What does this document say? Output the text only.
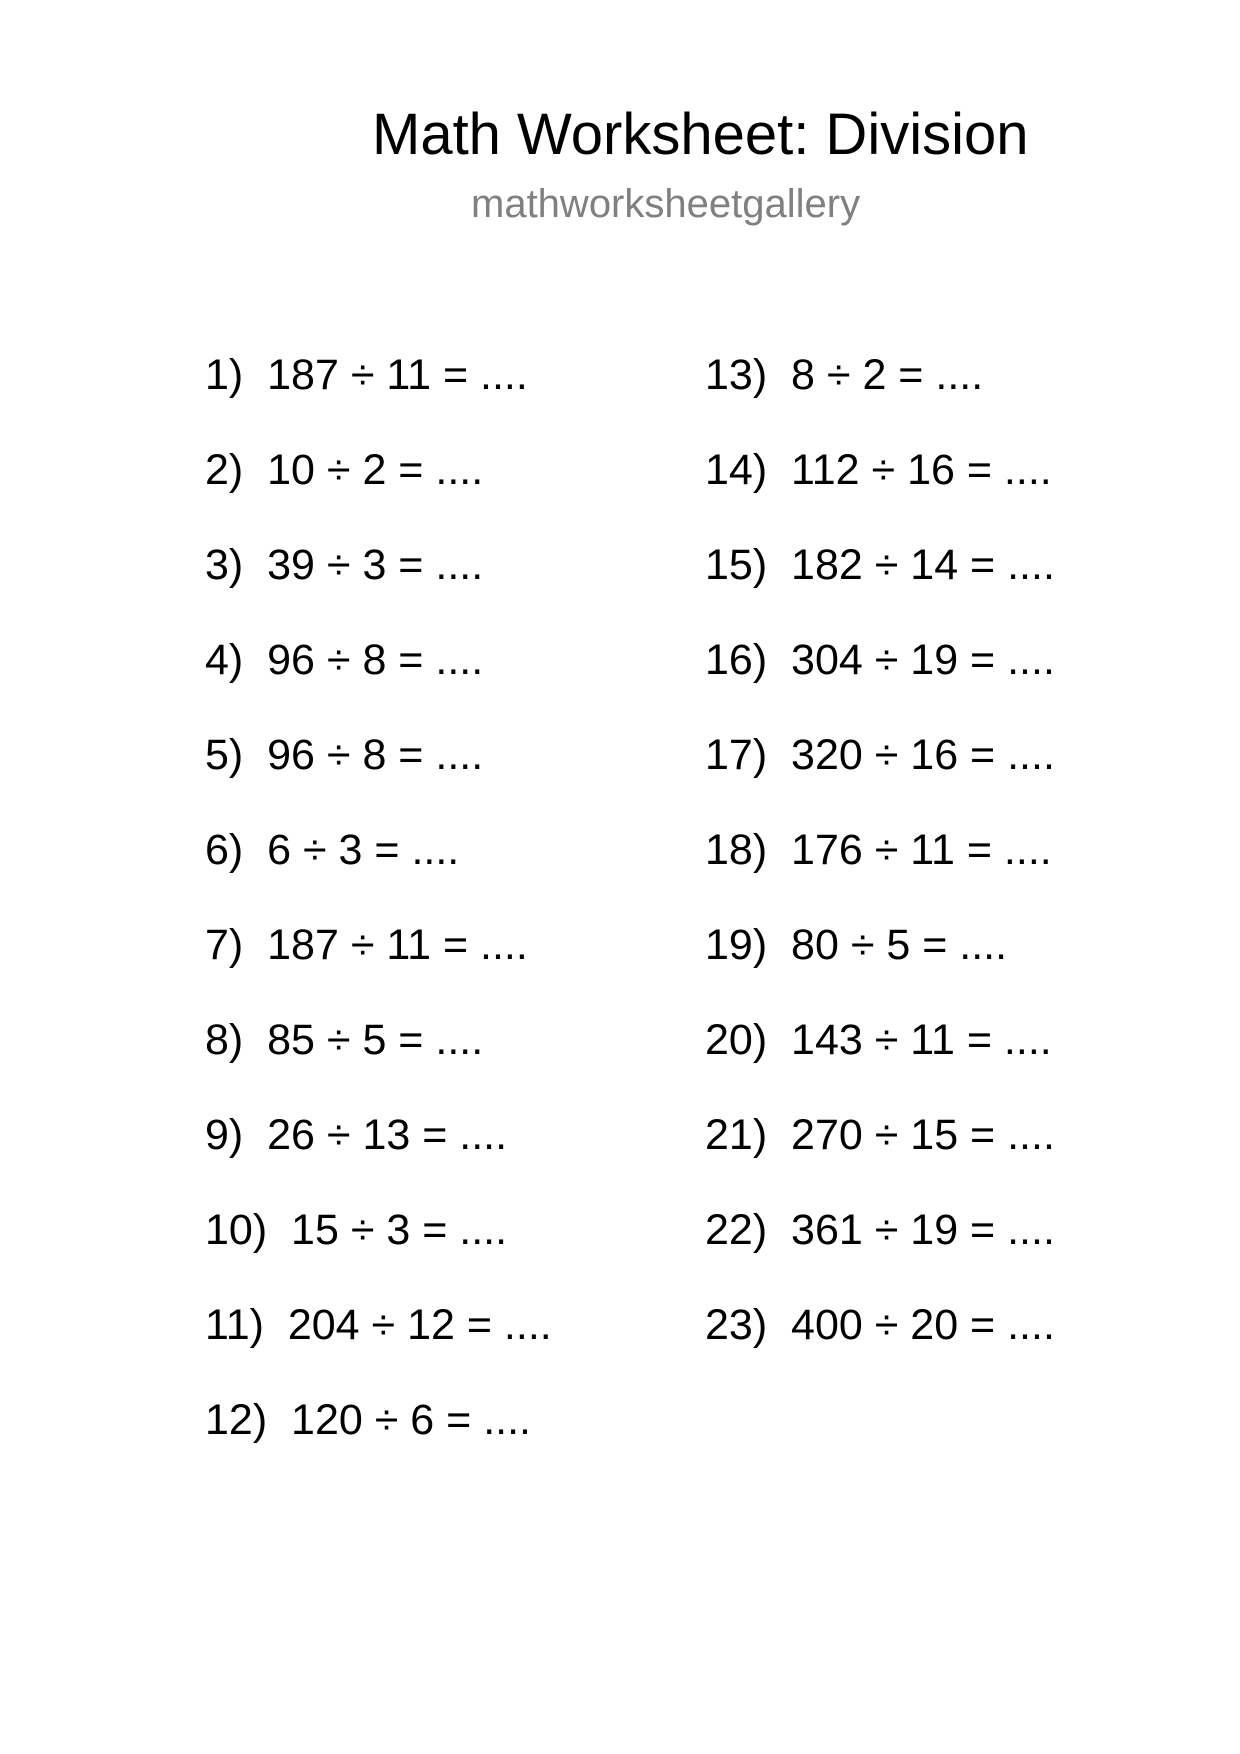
Math Worksheet: Division
mathworksheetgallery
1)  187 ÷ 11 = ....
2)  10 ÷ 2 = ....
3)  39 ÷ 3 = ....
4)  96 ÷ 8 = ....
5)  96 ÷ 8 = ....
6)  6 ÷ 3 = ....
7)  187 ÷ 11 = ....
8)  85 ÷ 5 = ....
9)  26 ÷ 13 = ....
10)  15 ÷ 3 = ....
11)  204 ÷ 12 = ....
12)  120 ÷ 6 = ....
13)  8 ÷ 2 = ....
14)  112 ÷ 16 = ....
15)  182 ÷ 14 = ....
16)  304 ÷ 19 = ....
17)  320 ÷ 16 = ....
18)  176 ÷ 11 = ....
19)  80 ÷ 5 = ....
20)  143 ÷ 11 = ....
21)  270 ÷ 15 = ....
22)  361 ÷ 19 = ....
23)  400 ÷ 20 = ....
